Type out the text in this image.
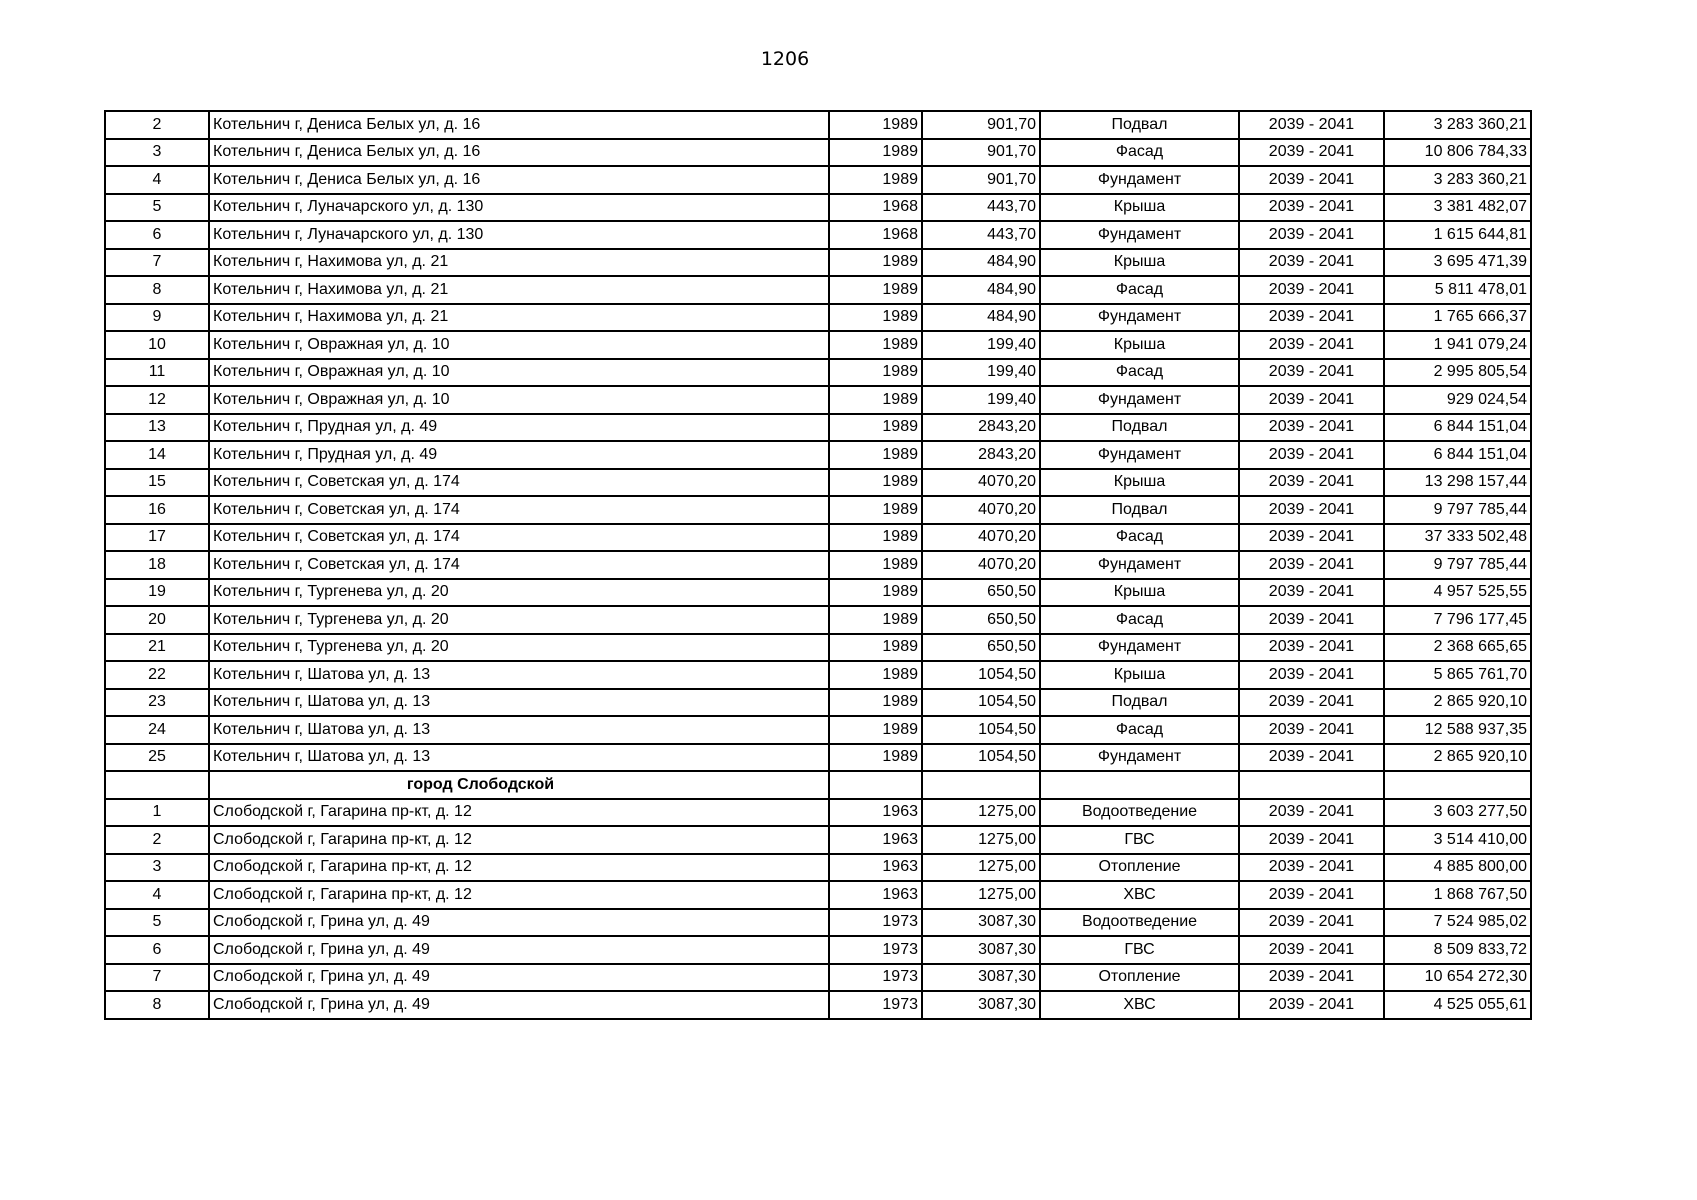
1206
2	Котельнич г, Дениса Белых ул, д. 16	1989	901,70	Подвал	2039 - 2041	3 283 360,21
3	Котельнич г, Дениса Белых ул, д. 16	1989	901,70	Фасад	2039 - 2041	10 806 784,33
4	Котельнич г, Дениса Белых ул, д. 16	1989	901,70	Фундамент	2039 - 2041	3 283 360,21
5	Котельнич г, Луначарского ул, д. 130	1968	443,70	Крыша	2039 - 2041	3 381 482,07
6	Котельнич г, Луначарского ул, д. 130	1968	443,70	Фундамент	2039 - 2041	1 615 644,81
7	Котельнич г, Нахимова ул, д. 21	1989	484,90	Крыша	2039 - 2041	3 695 471,39
8	Котельнич г, Нахимова ул, д. 21	1989	484,90	Фасад	2039 - 2041	5 811 478,01
9	Котельнич г, Нахимова ул, д. 21	1989	484,90	Фундамент	2039 - 2041	1 765 666,37
10	Котельнич г, Овражная ул, д. 10	1989	199,40	Крыша	2039 - 2041	1 941 079,24
11	Котельнич г, Овражная ул, д. 10	1989	199,40	Фасад	2039 - 2041	2 995 805,54
12	Котельнич г, Овражная ул, д. 10	1989	199,40	Фундамент	2039 - 2041	929 024,54
13	Котельнич г, Прудная ул, д. 49	1989	2843,20	Подвал	2039 - 2041	6 844 151,04
14	Котельнич г, Прудная ул, д. 49	1989	2843,20	Фундамент	2039 - 2041	6 844 151,04
15	Котельнич г, Советская ул, д. 174	1989	4070,20	Крыша	2039 - 2041	13 298 157,44
16	Котельнич г, Советская ул, д. 174	1989	4070,20	Подвал	2039 - 2041	9 797 785,44
17	Котельнич г, Советская ул, д. 174	1989	4070,20	Фасад	2039 - 2041	37 333 502,48
18	Котельнич г, Советская ул, д. 174	1989	4070,20	Фундамент	2039 - 2041	9 797 785,44
19	Котельнич г, Тургенева ул, д. 20	1989	650,50	Крыша	2039 - 2041	4 957 525,55
20	Котельнич г, Тургенева ул, д. 20	1989	650,50	Фасад	2039 - 2041	7 796 177,45
21	Котельнич г, Тургенева ул, д. 20	1989	650,50	Фундамент	2039 - 2041	2 368 665,65
22	Котельнич г, Шатова ул, д. 13	1989	1054,50	Крыша	2039 - 2041	5 865 761,70
23	Котельнич г, Шатова ул, д. 13	1989	1054,50	Подвал	2039 - 2041	2 865 920,10
24	Котельнич г, Шатова ул, д. 13	1989	1054,50	Фасад	2039 - 2041	12 588 937,35
25	Котельнич г, Шатова ул, д. 13	1989	1054,50	Фундамент	2039 - 2041	2 865 920,10
	город Слободской					
1	Слободской г, Гагарина пр-кт, д. 12	1963	1275,00	Водоотведение	2039 - 2041	3 603 277,50
2	Слободской г, Гагарина пр-кт, д. 12	1963	1275,00	ГВС	2039 - 2041	3 514 410,00
3	Слободской г, Гагарина пр-кт, д. 12	1963	1275,00	Отопление	2039 - 2041	4 885 800,00
4	Слободской г, Гагарина пр-кт, д. 12	1963	1275,00	ХВС	2039 - 2041	1 868 767,50
5	Слободской г, Грина ул, д. 49	1973	3087,30	Водоотведение	2039 - 2041	7 524 985,02
6	Слободской г, Грина ул, д. 49	1973	3087,30	ГВС	2039 - 2041	8 509 833,72
7	Слободской г, Грина ул, д. 49	1973	3087,30	Отопление	2039 - 2041	10 654 272,30
8	Слободской г, Грина ул, д. 49	1973	3087,30	ХВС	2039 - 2041	4 525 055,61
